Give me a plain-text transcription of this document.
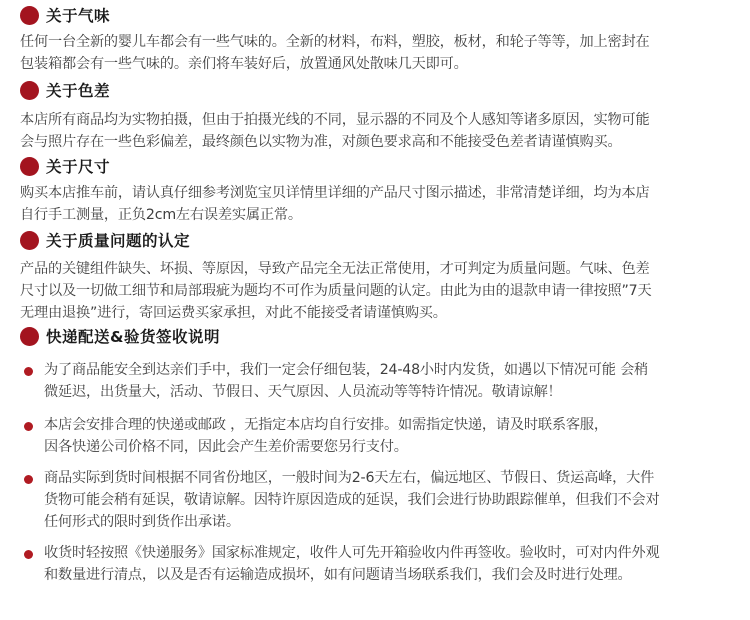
关于气味
任何一台全新的婴儿车都会有一些气味的。全新的材料，布料，塑胶，板材，和轮子等等，加上密封在
包装箱都会有一些气味的。亲们将车装好后，放置通风处散味几天即可。
关于色差
本店所有商品均为实物拍摄，但由于拍摄光线的不同，显示器的不同及个人感知等诸多原因，实物可能
会与照片存在一些色彩偏差，最终颜色以实物为准，对颜色要求高和不能接受色差者请谨慎购买。
关于尺寸
购买本店推车前，请认真仔细参考浏览宝贝详情里详细的产品尺寸图示描述，非常清楚详细，均为本店
自行手工测量，正负2cm左右误差实属正常。
关于质量问题的认定
产品的关键组件缺失、坏损、等原因，导致产品完全无法正常使用，才可判定为质量问题。气味、色差
尺寸以及一切做工细节和局部瑕疵为题均不可作为质量问题的认定。由此为由的退款申请一律按照”7天
无理由退换”进行，寄回运费买家承担，对此不能接受者请谨慎购买。
快递配送&验货签收说明
为了商品能安全到达亲们手中，我们一定会仔细包装，24-48小时内发货，如遇以下情况可能 会稍
微延迟，出货量大，活动、节假日、天气原因、人员流动等等特许情况。敬请谅解！
本店会安排合理的快递或邮政 ，无指定本店均自行安排。如需指定快递，请及时联系客服，
因各快递公司价格不同，因此会产生差价需要您另行支付。
商品实际到货时间根据不同省份地区，一般时间为2-6天左右，偏远地区、节假日、货运高峰，大件
货物可能会稍有延误，敬请谅解。因特许原因造成的延误，我们会进行协助跟踪催单，但我们不会对
任何形式的限时到货作出承诺。
收货时轻按照《快递服务》国家标准规定，收件人可先开箱验收内件再签收。验收时，可对内件外观
和数量进行清点，以及是否有运输造成损坏，如有问题请当场联系我们，我们会及时进行处理。
